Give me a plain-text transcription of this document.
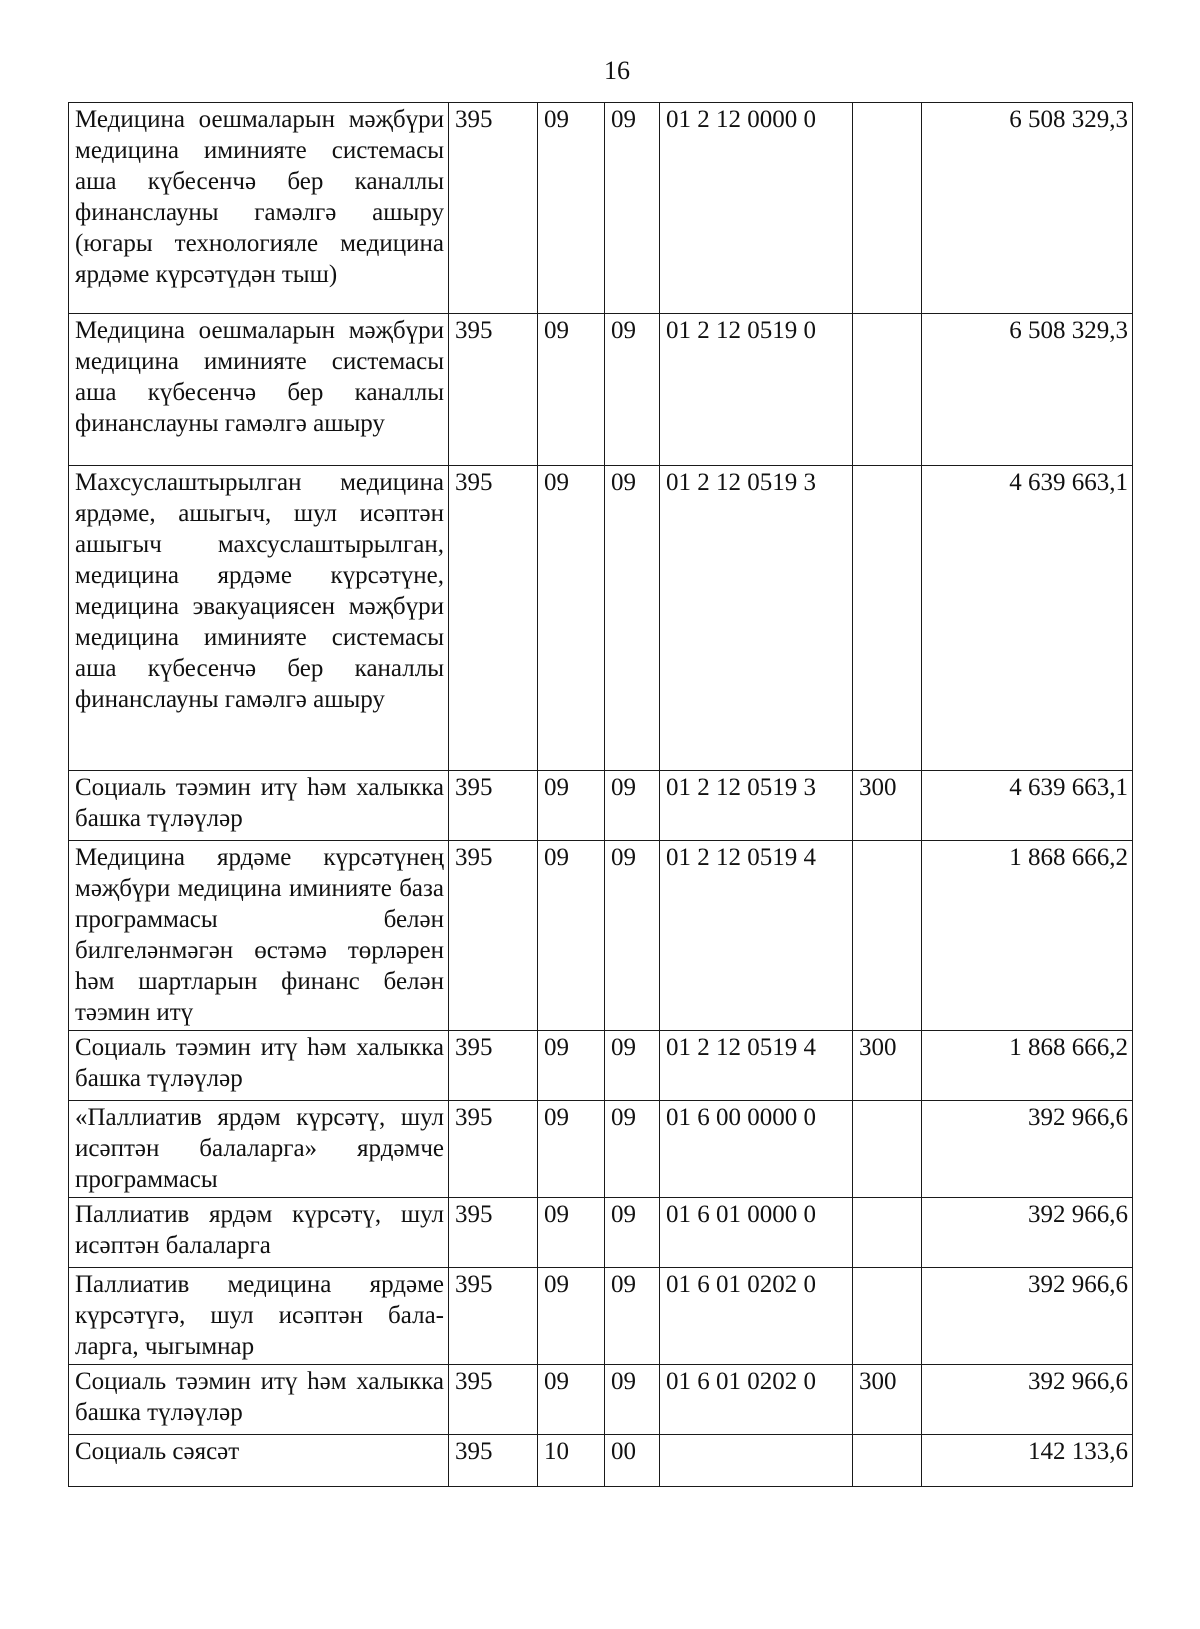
16
Медицина оешмаларын мәҗбүри медицина иминияте системасы аша күбесенчә бер каналлы финанслауны гамәлгә ашыру (югары технологияле медицина ярдәме күрсәтүдән тыш)	395	09	09	01 2 12 0000 0		6 508 329,3
Медицина оешмаларын мәҗбүри медицина иминияте системасы аша күбесенчә бер каналлы финанслауны гамәлгә ашыру	395	09	09	01 2 12 0519 0		6 508 329,3
Махсуслаштырылган медицина ярдәме, ашыгыч, шул исәптән ашыгыч махсуслаштырылган, медицина ярдәме күрсәтүне, медицина эвакуациясен мәҗбүри медицина иминияте системасы аша күбесенчә бер каналлы финанслауны гамәлгә ашыру	395	09	09	01 2 12 0519 3		4 639 663,1
Социаль тәэмин итү һәм халыкка башка түләүләр	395	09	09	01 2 12 0519 3	300	4 639 663,1
Медицина ярдәме күрсәтүнең мәҗбүри медицина иминияте база программасы белән билгеләнмәгән өстәмә төрләрен һәм шартларын финанс белән тәэмин итү	395	09	09	01 2 12 0519 4		1 868 666,2
Социаль тәэмин итү һәм халыкка башка түләүләр	395	09	09	01 2 12 0519 4	300	1 868 666,2
«Паллиатив ярдәм күрсәтү, шул исәптән балаларга» ярдәмче программасы	395	09	09	01 6 00 0000 0		392 966,6
Паллиатив ярдәм күрсәтү, шул исәптән балаларга	395	09	09	01 6 01 0000 0		392 966,6
Паллиатив медицина ярдәме күрсәтүгә, шул исәптән бала-ларга, чыгымнар	395	09	09	01 6 01 0202 0		392 966,6
Социаль тәэмин итү һәм халыкка башка түләүләр	395	09	09	01 6 01 0202 0	300	392 966,6
Социаль сәясәт	395	10	00			142 133,6
